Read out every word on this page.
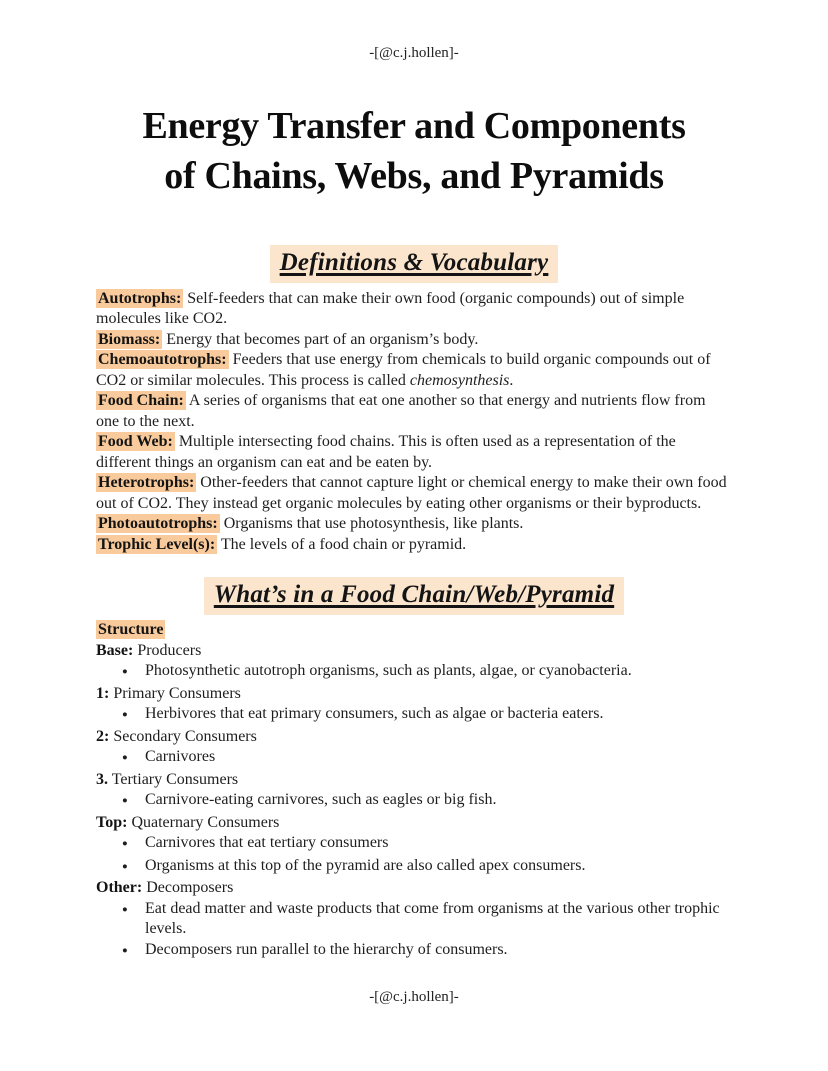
-[@c.j.hollen]-
Energy Transfer and Components
of Chains, Webs, and Pyramids
Definitions & Vocabulary

Autotrophs: Self-feeders that can make their own food (organic compounds) out of simple molecules like CO2.

Biomass: Energy that becomes part of an organism’s body.

Chemoautotrophs: Feeders that use energy from chemicals to build organic compounds out of CO2 or similar molecules. This process is called chemosynthesis.

Food Chain: A series of organisms that eat one another so that energy and nutrients flow from one to the next.

Food Web: Multiple intersecting food chains. This is often used as a representation of the different things an organism can eat and be eaten by.

Heterotrophs: Other-feeders that cannot capture light or chemical energy to make their own food out of CO2. They instead get organic molecules by eating other organisms or their byproducts.

Photoautotrophs: Organisms that use photosynthesis, like plants.

Trophic Level(s): The levels of a food chain or pyramid.

What’s in a Food Chain/Web/Pyramid

Structure

Base: Producers

●
Photosynthetic autotroph organisms, such as plants, algae, or cyanobacteria.

1: Primary Consumers

●
Herbivores that eat primary consumers, such as algae or bacteria eaters.

2: Secondary Consumers

●
Carnivores

3. Tertiary Consumers

●
Carnivore-eating carnivores, such as eagles or big fish.

Top: Quaternary Consumers

●
Carnivores that eat tertiary consumers
●
Organisms at this top of the pyramid are also called apex consumers.

Other: Decomposers

●
Eat dead matter and waste products that come from organisms at the various other trophic levels.
●
Decomposers run parallel to the hierarchy of consumers.
-[@c.j.hollen]-
